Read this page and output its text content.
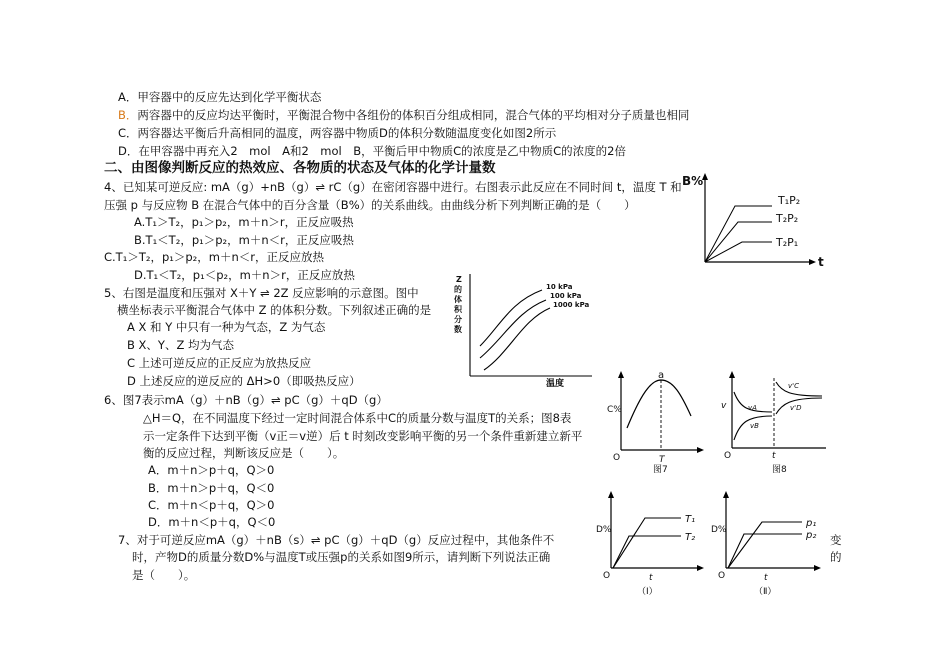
A．甲容器中的反应先达到化学平衡状态
B．两容器中的反应均达平衡时，平衡混合物中各组份的体积百分组成相同，混合气体的平均相对分子质量也相同
C．两容器达平衡后升高相同的温度，两容器中物质D的体积分数随温度变化如图2所示
D．在甲容器中再充入2　mol　A和2　mol　B，平衡后甲中物质C的浓度是乙中物质C的浓度的2倍
二、由图像判断反应的热效应、各物质的状态及气体的化学计量数
4、已知某可逆反应: mA（g）+nB（g）⇌ rC（g）在密闭容器中进行。右图表示此反应在不同时间 t，温度 T 和
压强 p 与反应物 B 在混合气体中的百分含量（B%）的关系曲线。由曲线分析下列判断正确的是（　　）
A.T₁＞T₂，p₁＞p₂，m＋n＞r，正反应吸热
B.T₁＜T₂，p₁＞p₂，m＋n＜r，正反应吸热
C.T₁＞T₂，p₁＞p₂，m＋n＜r，正反应放热
D.T₁＜T₂，p₁＜p₂，m＋n＞r，正反应放热
B%
t
T₁P₂
T₂P₂
T₂P₁
5、右图是温度和压强对 X＋Y ⇌ 2Z 反应影响的示意图。图中
横坐标表示平衡混合气体中 Z 的体积分数。下列叙述正确的是
A X 和 Y 中只有一种为气态，Z 为气态
B X、Y、Z 均为气态
C 上述可逆反应的正反应为放热反应
D 上述反应的逆反应的 ΔH>0（即吸热反应）
Z
的
体
积
分
数
温度
10 kPa
100 kPa
1000 kPa
6、图7表示mA（g）＋nB（g）⇌ pC（g）＋qD（g）
△H＝Q，在不同温度下经过一定时间混合体系中C的质量分数与温度T的关系；图8表
示一定条件下达到平衡（v正＝v逆）后 t 时刻改变影响平衡的另一个条件重新建立新平
衡的反应过程，判断该反应是（　　）。
A．m＋n＞p＋q，Q＞0
B．m＋n＞p＋q，Q＜0
C．m＋n＜p＋q，Q＞0
D．m＋n＜p＋q，Q＜0
a
C%
T
O
图7
v
t
O
图8
vA
vB
v'C
v'D
7、对于可逆反应mA（g）＋nB（s）⇌ pC（g）＋qD（g）反应过程中，其他条件不	变
时，产物D的质量分数D%与温度T或压强p的关系如图9所示，请判断下列说法正确	的
是（　　）。
D%
t
O
T₁
T₂
（Ⅰ）
D%
t
O
p₁
p₂
（Ⅱ）
